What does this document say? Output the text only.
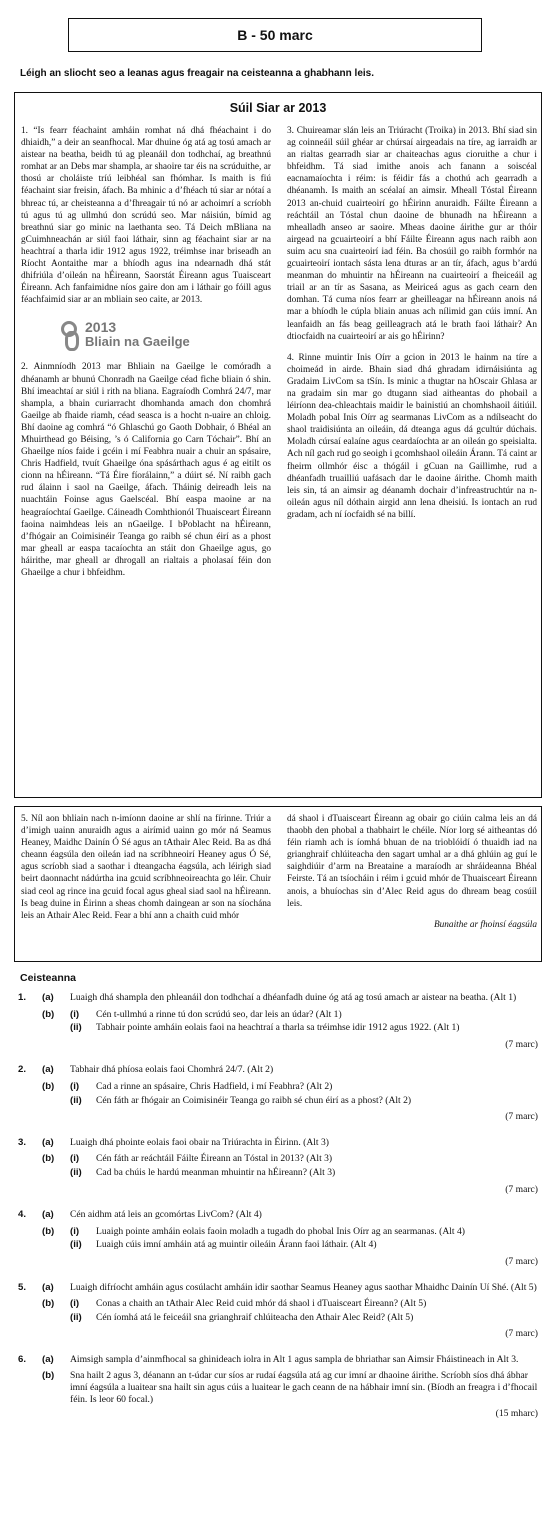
B - 50 marc
Léigh an sliocht seo a leanas agus freagair na ceisteanna a ghabhann leis.
Súil Siar ar 2013

1. “Is fearr féachaint amháin romhat ná dhá fhéachaint i do dhiaidh,” a deir an seanfhocal. Mar dhuine óg atá ag tosú amach ar aistear na beatha, beidh tú ag pleanáil don todhchaí, ag breathnú romhat ar an Debs mar shampla, ar shaoire tar éis na scrúduithe, ar thosú ar choláiste tríú leibhéal san fhómhar. Is maith is fiú féachaint siar freisin, áfach. Ba mhinic a d’fhéach tú siar ar nótaí a bhreac tú, ar cheisteanna a d’fhreagair tú nó ar achoimrí a scríobh tú agus tú ag ullmhú don scrúdú seo. Mar náisiún, bímid ag breathnú siar go minic na laethanta seo. Tá Deich mBliana na gCuimhneachán ar siúl faoi láthair, sinn ag féachaint siar ar na heachtraí a tharla idir 1912 agus 1922, tréimhse inar briseadh an Ríocht Aontaithe mar a bhíodh agus ina ndearnadh dhá stát dhifriúla d’oileán na hÉireann, Saorstát Éireann agus Tuaisceart Éireann. Ach fanfaimidne níos gaire don am i láthair go fóill agus féachfaimid siar ar an mbliain seo caite, ar 2013.

2013
Bliain na Gaeilge

2. Ainmníodh 2013 mar Bhliain na Gaeilge le comóradh a dhéanamh ar bhunú Chonradh na Gaeilge céad fiche bliain ó shin. Bhí imeachtaí ar siúl i rith na bliana. Eagraíodh Comhrá 24/7, mar shampla, a bhain curiarracht dhomhanda amach don chomhrá Gaeilge ab fhaide riamh, céad seasca is a hocht n-uaire an chloig. Bhí daoine ag comhrá “ó Ghlaschú go Gaoth Dobhair, ó Bhéal an Mhuirthead go Béising, ’s ó California go Carn Tóchair”. Bhí an Ghaeilge níos faide i gcéin i mí Feabhra nuair a chuir an spásaire, Chris Hadfield, tvuít Ghaeilge óna spásárthach agus é ag eitilt os cionn na hÉireann. “Tá Éire fíorálainn,” a dúirt sé. Ní raibh gach rud álainn i saol na Gaeilge, áfach. Tháinig deireadh leis na nuachtáin Foinse agus Gaelscéal. Bhí easpa maoine ar na heagraíochtaí Gaeilge. Cáineadh Comhthionól Thuaisceart Éireann faoina naimhdeas leis an nGaeilge. I bPoblacht na hÉireann, d’fhógair an Coimisinéir Teanga go raibh sé chun éirí as a phost mar gheall ar easpa tacaíochta an stáit don Ghaeilge agus, go háirithe, mar gheall ar dhrogall an rialtais a pholasaí féin don Ghaeilge a chur i bhfeidhm.

3. Chuireamar slán leis an Triúracht (Troika) in 2013. Bhí siad sin ag coinneáil súil ghéar ar chúrsaí airgeadais na tíre, ag iarraidh ar an rialtas gearradh siar ar chaiteachas agus cioruithe a chur i bhfeidhm. Tá siad imithe anois ach fanann a soiscéal eacnamaíochta i réim: is féidir fás a chothú ach gearradh a dhéanamh. Is maith an scéalaí an aimsir. Mheall Tóstal Éireann 2013 an-chuid cuairteoirí go hÉirinn anuraidh. Fáilte Éireann a reáchtáil an Tóstal chun daoine de bhunadh na hÉireann a mhealladh anseo ar saoire. Mheas daoine áirithe gur ar thóir airgead na gcuairteoirí a bhí Fáilte Éireann agus nach raibh aon suim acu sna cuairteoirí iad féin. Ba chosúil go raibh formhór na gcuairteoirí iontach sásta lena dturas ar an tír, áfach, agus b’ardú meanman do mhuintir na hÉireann na cuairteoirí a fheiceáil ag triail ar an tír as Sasana, as Meiriceá agus as gach cearn den domhan. Tá cuma níos fearr ar gheilleagar na hÉireann anois ná mar a bhíodh le cúpla bliain anuas ach nílimid gan cúis imní. An leanfaidh an fás beag geilleagrach atá le brath faoi láthair? An dtiocfaidh na cuairteoirí ar ais go hÉirinn?

4. Rinne muintir Inis Oírr a gcion in 2013 le hainm na tíre a choimeád in airde. Bhain siad dhá ghradam idirnáisiúnta ag Gradaim LivCom sa tSín. Is minic a thugtar na hOscair Ghlasa ar na gradaim sin mar go dtugann siad aitheantas do phobail a léiríonn dea-chleachtais maidir le bainistiú an chomhshaoil áitiúil. Moladh pobal Inis Oírr ag searmanas LivCom as a ndílseacht do shaol traidisiúnta an oileáin, dá dteanga agus dá gcultúr dúchais. Moladh cúrsaí ealaíne agus ceardaíochta ar an oileán go speisialta. Ach níl gach rud go seoigh i gcomhshaol oileáin Árann. Tá caint ar fheirm ollmhór éisc a thógáil i gCuan na Gaillimhe, rud a dhéanfadh truailliú uafásach dar le daoine áirithe. Chomh maith leis sin, tá an aimsir ag déanamh dochair d’infreastruchtúr na n-oileán agus níl dóthain airgid ann lena dheisiú. Is iontach an rud gradam, ach ní íocfaidh sé na billí.

5. Níl aon bhliain nach n-imíonn daoine ar shlí na fírinne. Triúr a d’imigh uainn anuraidh agus a airímid uainn go mór ná Seamus Heaney, Maidhc Dainín Ó Sé agus an tAthair Alec Reid. Ba as dhá cheann éagsúla den oileán iad na scríbhneoirí Heaney agus Ó Sé, agus scríobh siad a saothar i dteangacha éagsúla, ach léirigh siad beirt daonnacht nádúrtha ina gcuid scríbhneoireachta go léir. Chuir siad ceol ag rince ina gcuid focal agus gheal siad saol na hÉireann. Is beag duine in Éirinn a sheas chomh daingean ar son na síochána leis an Athair Alec Reid. Fear a bhí ann a chaith cuid mhór

dá shaol i dTuaisceart Éireann ag obair go ciúin calma leis an dá thaobh den phobal a thabhairt le chéile. Níor lorg sé aitheantas dó féin riamh ach is íomhá bhuan de na trioblóidí ó thuaidh iad na grianghraif chlúiteacha den sagart umhal ar a dhá ghlúin ag guí le saighdiúir d’arm na Breataine a maraíodh ar shráideanna Bhéal Feirste. Tá an tsíocháin i réim i gcuid mhór de Thuaisceart Éireann anois, a bhuíochas sin d’Alec Reid agus do dhream beag cosúil leis.

Bunaithe ar fhoinsí éagsúla
Ceisteanna
1.	(a)	Luaigh dhá shampla den phleanáil don todhchaí a dhéanfadh duine óg atá ag tosú amach ar aistear na beatha. (Alt 1)
(b)	(i)	Cén t-ullmhú a rinne tú don scrúdú seo, dar leis an údar? (Alt 1)
(ii)	Tabhair pointe amháin eolais faoi na heachtraí a tharla sa tréimhse idir 1912 agus 1922. (Alt 1)
(7 marc)
2.	(a)	Tabhair dhá phíosa eolais faoi Chomhrá 24/7. (Alt 2)
(b)	(i)	Cad a rinne an spásaire, Chris Hadfield, i mí Feabhra? (Alt 2)
(ii)	Cén fáth ar fhógair an Coimisinéir Teanga go raibh sé chun éirí as a phost? (Alt 2)
(7 marc)
3.	(a)	Luaigh dhá phointe eolais faoi obair na Triúrachta in Éirinn. (Alt 3)
(b)	(i)	Cén fáth ar reáchtáil Fáilte Éireann an Tóstal in 2013? (Alt 3)
(ii)	Cad ba chúis le hardú meanman mhuintir na hÉireann? (Alt 3)
(7 marc)
4.	(a)	Cén aidhm atá leis an gcomórtas LivCom? (Alt 4)
(b)	(i)	Luaigh pointe amháin eolais faoin moladh a tugadh do phobal Inis Oírr ag an searmanas. (Alt 4)
(ii)	Luaigh cúis imní amháin atá ag muintir oileáin Árann faoi láthair. (Alt 4)
(7 marc)
5.	(a)	Luaigh difríocht amháin agus cosúlacht amháin idir saothar Seamus Heaney agus saothar Mhaidhc Dainín Uí Shé. (Alt 5)
(b)	(i)	Conas a chaith an tAthair Alec Reid cuid mhór dá shaol i dTuaisceart Éireann? (Alt 5)
(ii)	Cén íomhá atá le feiceáil sna grianghraif chlúiteacha den Athair Alec Reid? (Alt 5)
(7 marc)
6.	(a)	Aimsigh sampla d’ainmfhocal sa ghinideach iolra in Alt 1 agus sampla de bhriathar san Aimsir Fháistineach in Alt 3.
(b)	Sna hailt 2 agus 3, déanann an t-údar cur síos ar rudaí éagsúla atá ag cur imní ar dhaoine áirithe. Scríobh síos dhá ábhar imní éagsúla a luaitear sna hailt sin agus cúis a luaitear le gach ceann de na hábhair imní sin. (Bíodh an freagra i d’fhocail féin. Is leor 60 focal.)
(15 mharc)
